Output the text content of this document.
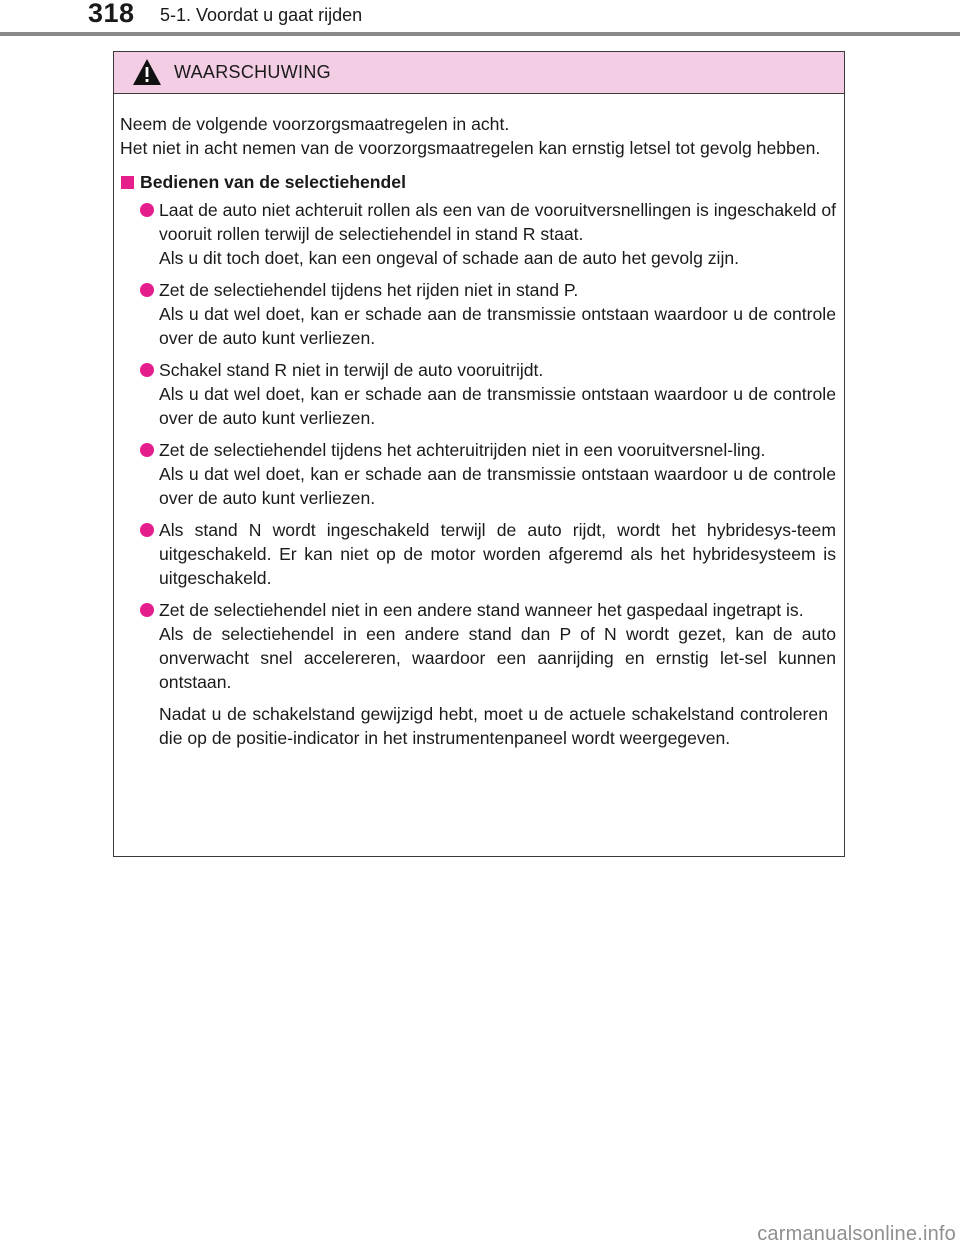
318 5-1. Voordat u gaat rijden
WAARSCHUWING

Neem de volgende voorzorgsmaatregelen in acht.

Het niet in acht nemen van de voorzorgsmaatregelen kan ernstig letsel tot gevolg hebben.

Bedienen van de selectiehendel
Laat de auto niet achteruit rollen als een van de vooruitversnellingen is ingeschakeld of vooruit rollen terwijl de selectiehendel in stand R staat.
Als u dit toch doet, kan een ongeval of schade aan de auto het gevolg zijn.
Zet de selectiehendel tijdens het rijden niet in stand P.
Als u dat wel doet, kan er schade aan de transmissie ontstaan waardoor u de controle over de auto kunt verliezen.
Schakel stand R niet in terwijl de auto vooruitrijdt.
Als u dat wel doet, kan er schade aan de transmissie ontstaan waardoor u de controle over de auto kunt verliezen.
Zet de selectiehendel tijdens het achteruitrijden niet in een vooruitversnel-ling.
Als u dat wel doet, kan er schade aan de transmissie ontstaan waardoor u de controle over de auto kunt verliezen.
Als stand N wordt ingeschakeld terwijl de auto rijdt, wordt het hybridesys-teem uitgeschakeld. Er kan niet op de motor worden afgeremd als het hybridesysteem is uitgeschakeld.
Zet de selectiehendel niet in een andere stand wanneer het gaspedaal ingetrapt is.
Als de selectiehendel in een andere stand dan P of N wordt gezet, kan de auto onverwacht snel accelereren, waardoor een aanrijding en ernstig let-sel kunnen ontstaan.

Nadat u de schakelstand gewijzigd hebt, moet u de actuele schakelstand controleren die op de positie-indicator in het instrumentenpaneel wordt weergegeven.

carmanualsonline.info
